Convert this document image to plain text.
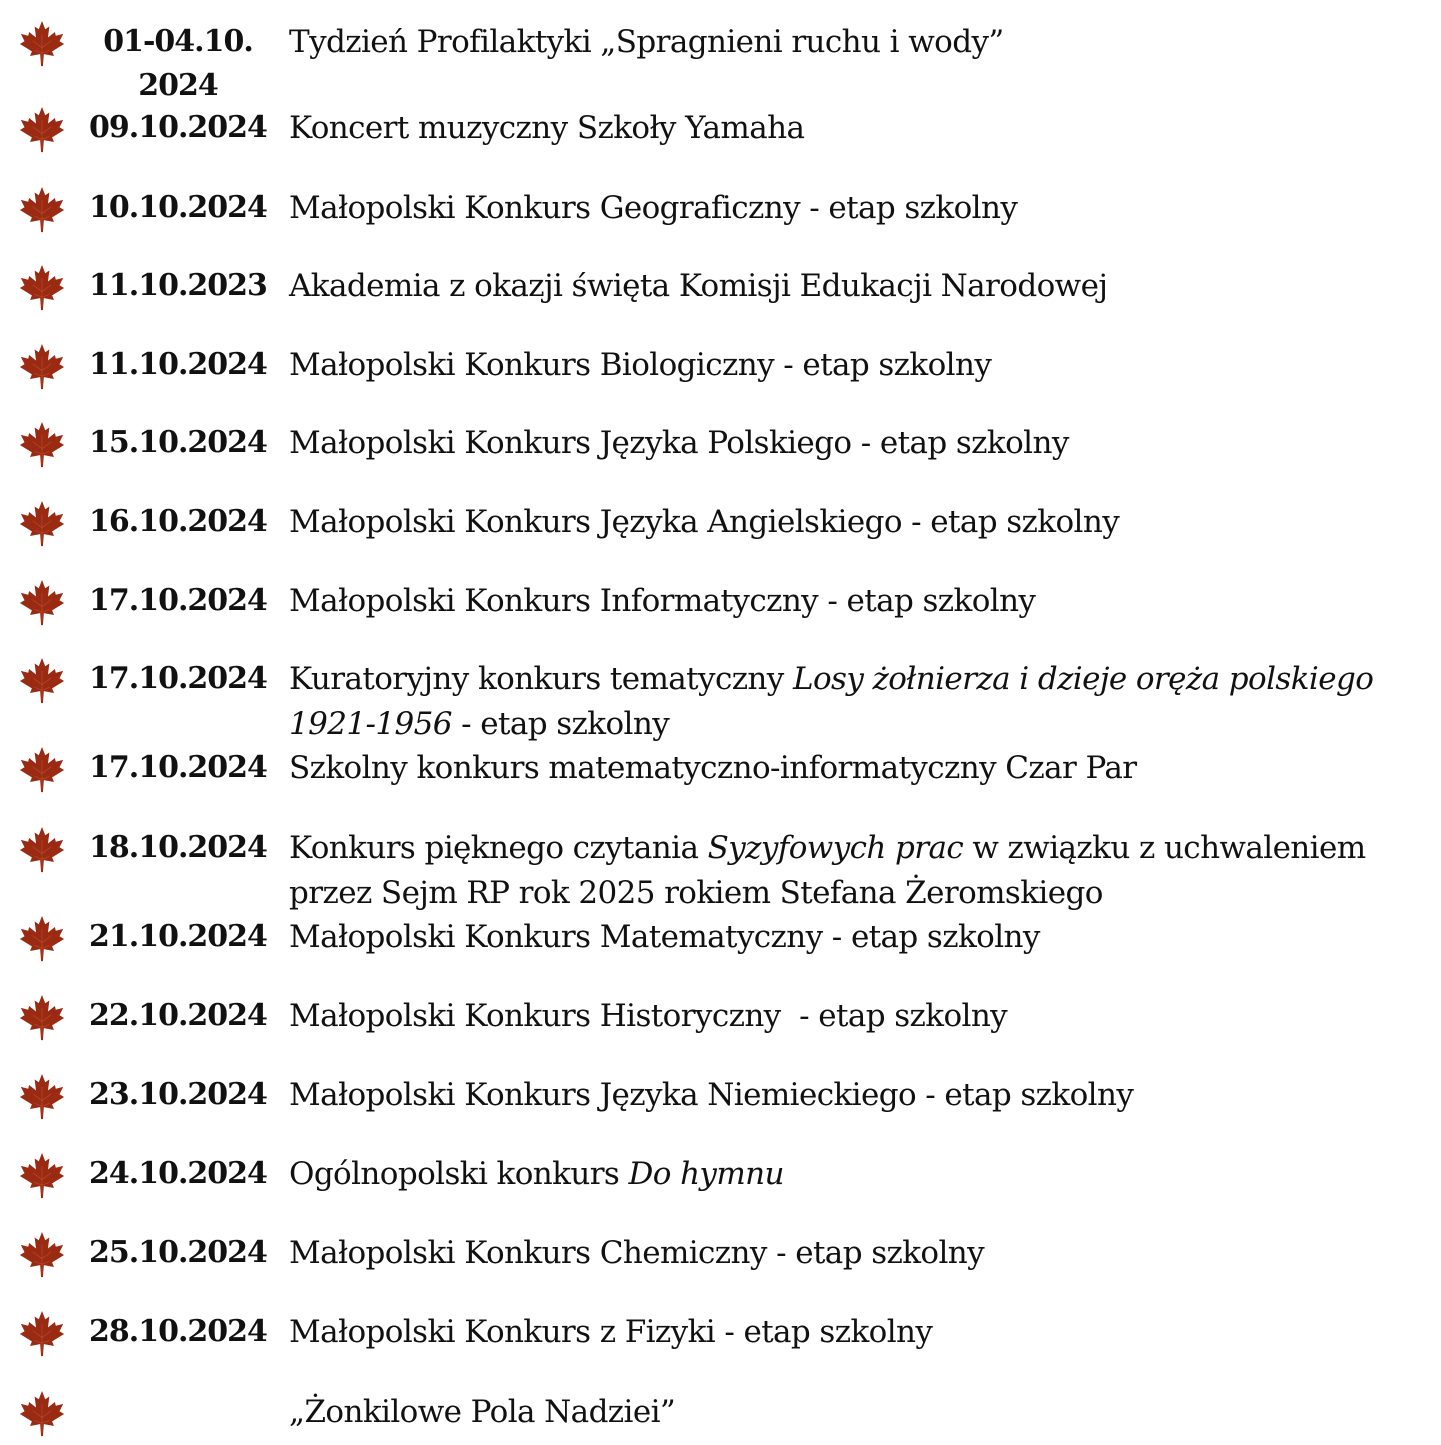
01-04.10.
2024
Tydzień Profilaktyki „Spragnieni ruchu i wody”
09.10.2024 Koncert muzyczny Szkoły Yamaha
10.10.2024 Małopolski Konkurs Geograficzny - etap szkolny
11.10.2023 Akademia z okazji święta Komisji Edukacji Narodowej
11.10.2024 Małopolski Konkurs Biologiczny - etap szkolny
15.10.2024 Małopolski Konkurs Języka Polskiego - etap szkolny
16.10.2024 Małopolski Konkurs Języka Angielskiego - etap szkolny
17.10.2024 Małopolski Konkurs Informatyczny - etap szkolny
17.10.2024 Kuratoryjny konkurs tematyczny Losy żołnierza i dzieje oręża polskiego
1921-1956 - etap szkolny
17.10.2024 Szkolny konkurs matematyczno-informatyczny Czar Par
18.10.2024 Konkurs pięknego czytania Syzyfowych prac w związku z uchwaleniem
przez Sejm RP rok 2025 rokiem Stefana Żeromskiego
21.10.2024 Małopolski Konkurs Matematyczny - etap szkolny
22.10.2024 Małopolski Konkurs Historyczny  - etap szkolny
23.10.2024 Małopolski Konkurs Języka Niemieckiego - etap szkolny
24.10.2024 Ogólnopolski konkurs Do hymnu
25.10.2024 Małopolski Konkurs Chemiczny - etap szkolny
28.10.2024 Małopolski Konkurs z Fizyki - etap szkolny
„Żonkilowe Pola Nadziei”
